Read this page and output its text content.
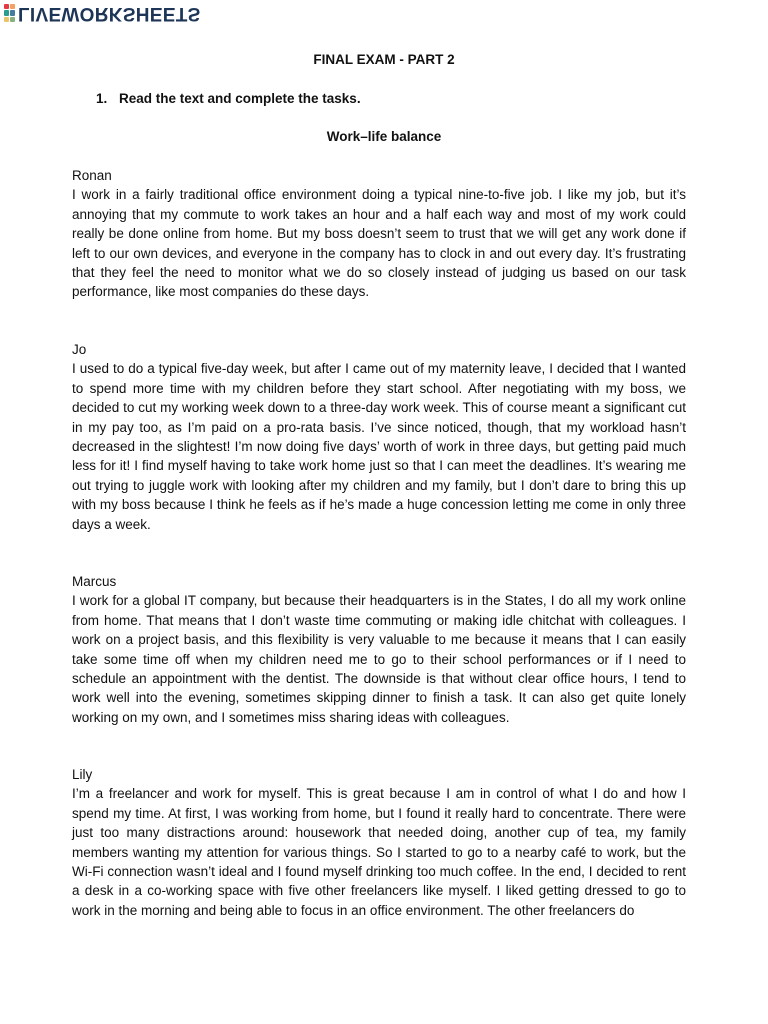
LIVEWORKSHEETS
FINAL EXAM - PART 2

1. Read the text and complete the tasks.

Work–life balance

Ronan

I work in a fairly traditional office environment doing a typical nine-to-five job. I like my job, but it’s annoying that my commute to work takes an hour and a half each way and most of my work could really be done online from home. But my boss doesn’t seem to trust that we will get any work done if left to our own devices, and everyone in the company has to clock in and out every day. It’s frustrating that they feel the need to monitor what we do so closely instead of judging us based on our task performance, like most companies do these days.

Jo

I used to do a typical five-day week, but after I came out of my maternity leave, I decided that I wanted to spend more time with my children before they start school. After negotiating with my boss, we decided to cut my working week down to a three-day work week. This of course meant a significant cut in my pay too, as I’m paid on a pro-rata basis. I’ve since noticed, though, that my workload hasn’t decreased in the slightest! I’m now doing five days’ worth of work in three days, but getting paid much less for it! I find myself having to take work home just so that I can meet the deadlines. It’s wearing me out trying to juggle work with looking after my children and my family, but I don’t dare to bring this up with my boss because I think he feels as if he’s made a huge concession letting me come in only three days a week.

Marcus

I work for a global IT company, but because their headquarters is in the States, I do all my work online from home. That means that I don’t waste time commuting or making idle chitchat with colleagues. I work on a project basis, and this flexibility is very valuable to me because it means that I can easily take some time off when my children need me to go to their school performances or if I need to schedule an appointment with the dentist. The downside is that without clear office hours, I tend to work well into the evening, sometimes skipping dinner to finish a task. It can also get quite lonely working on my own, and I sometimes miss sharing ideas with colleagues.

Lily

I’m a freelancer and work for myself. This is great because I am in control of what I do and how I spend my time. At first, I was working from home, but I found it really hard to concentrate. There were just too many distractions around: housework that needed doing, another cup of tea, my family members wanting my attention for various things. So I started to go to a nearby café to work, but the Wi-Fi connection wasn’t ideal and I found myself drinking too much coffee. In the end, I decided to rent a desk in a co-working space with five other freelancers like myself. I liked getting dressed to go to work in the morning and being able to focus in an office environment. The other freelancers do
